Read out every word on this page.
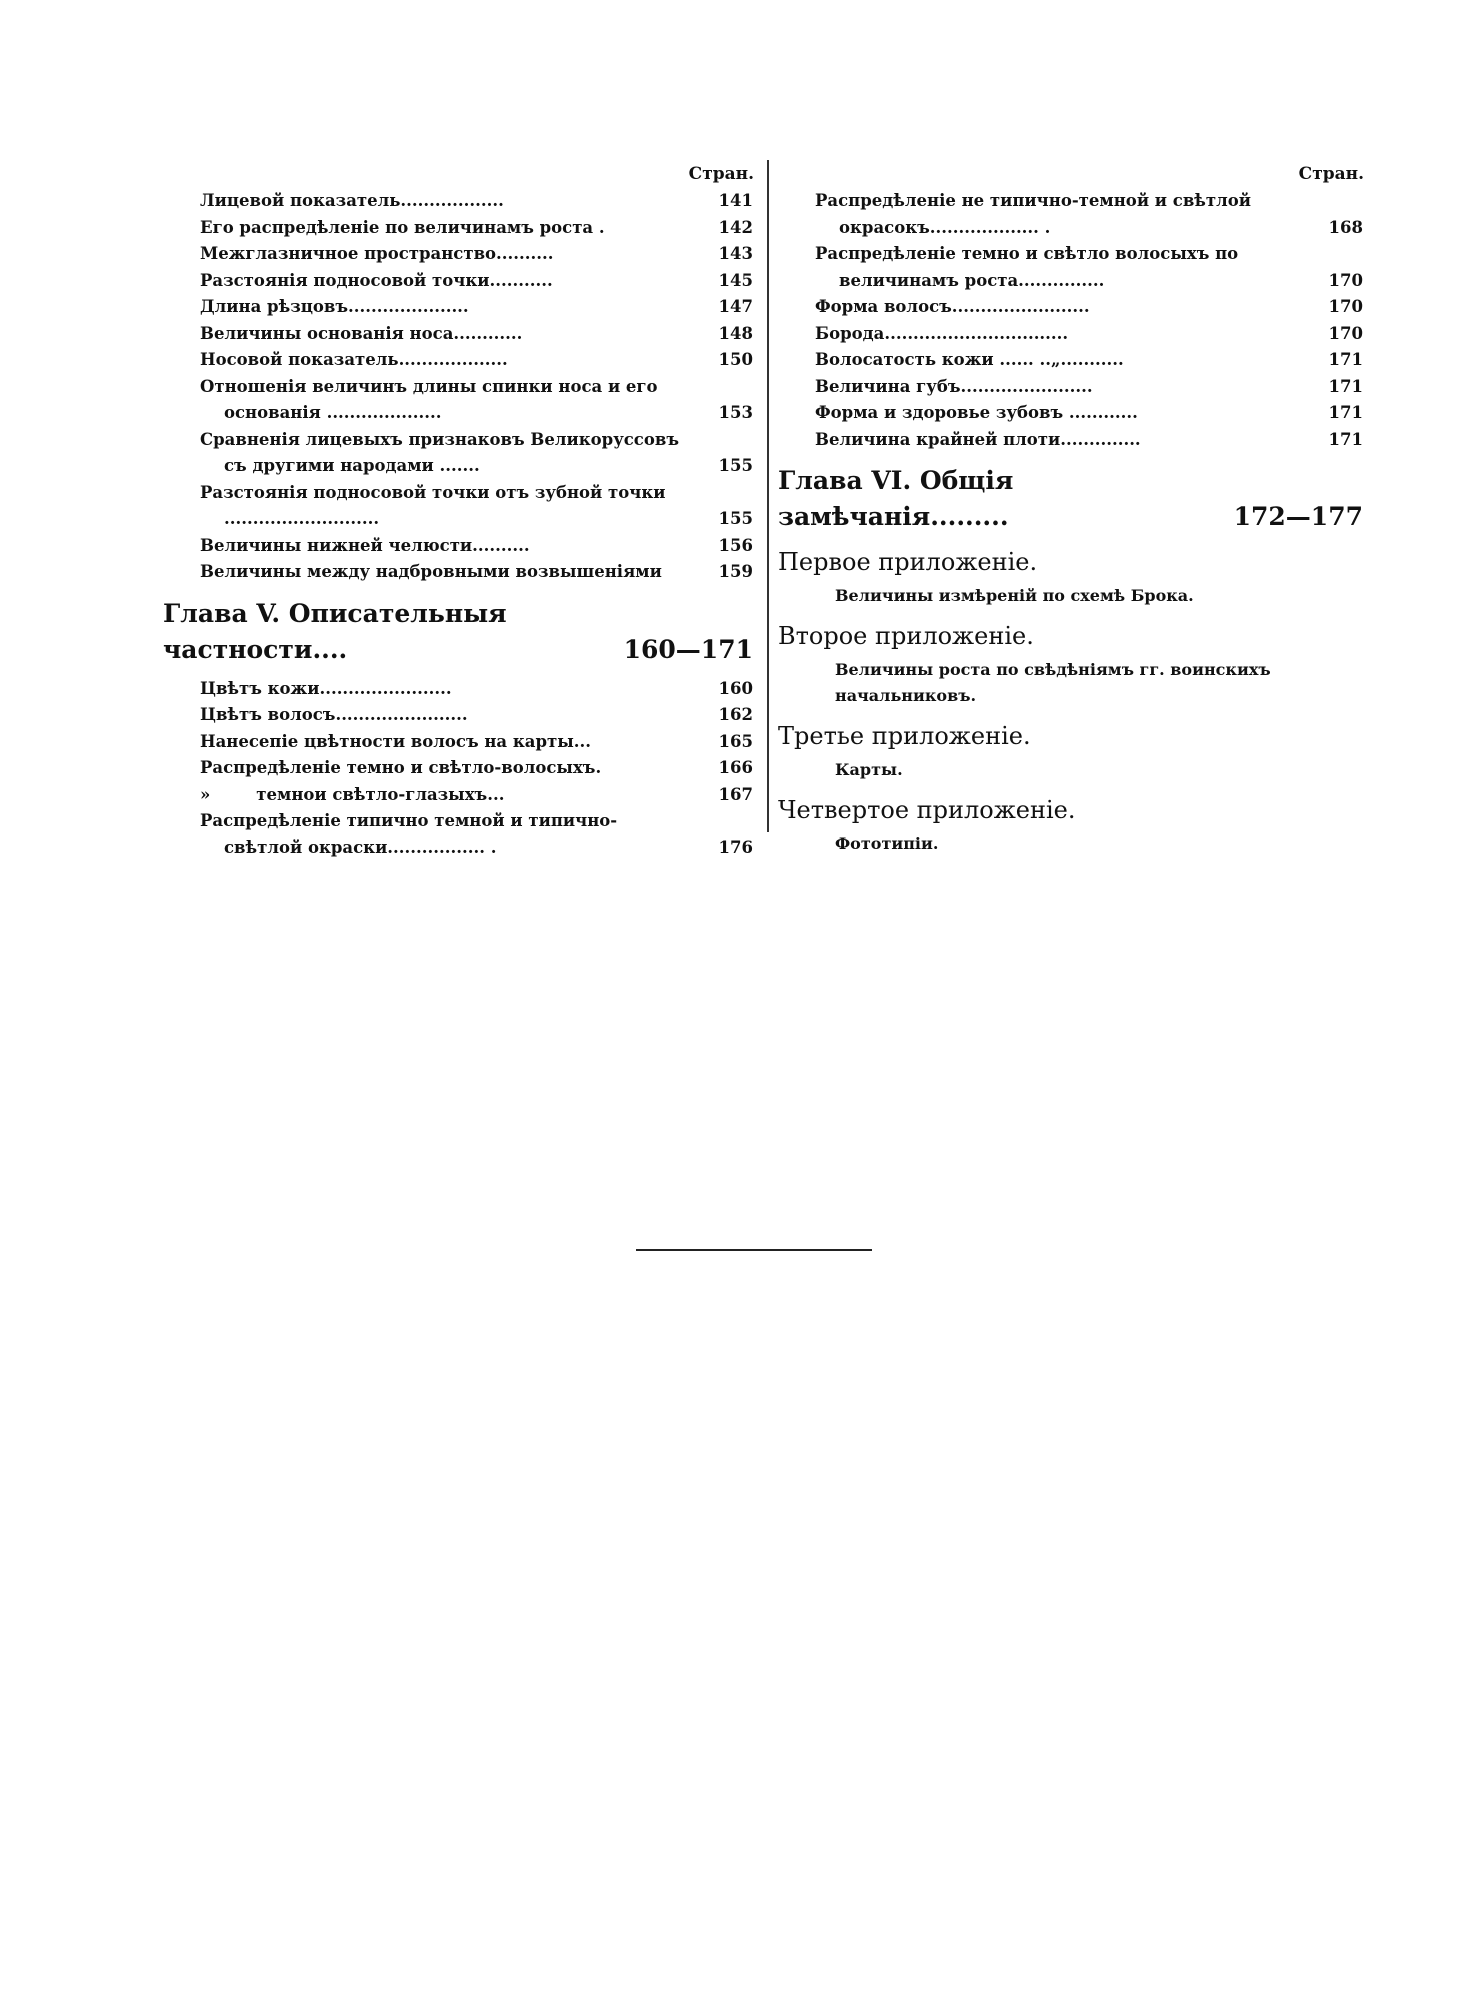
Стран.
Лицевой показатель..................	141
Его распредѣленіе по величинамъ роста .	142
Межглазничное пространство..........	143
Разстоянія подносовой точки...........	145
Длина рѣзцовъ.....................	147
Величины основанія носа............	148
Носовой показатель...................	150
Отношенія величинъ длины спинки носа и его основанія ....................	153
Сравненія лицевыхъ признаковъ Великоруссовъ съ другими народами .......	155
Разстоянія подносовой точки отъ зубной точки ...........................	155
Величины нижней челюсти..........	156
Величины между надбровными возвышеніями	159
Глава V. Описательныя частности....	160—171
Цвѣтъ кожи.......................	160
Цвѣтъ волосъ.......................	162
Нанесепіе цвѣтности волосъ на карты...	165
Распредѣленіе темно и свѣтло-волосыхъ.	166
»        темнои свѣтло-глазыхъ...	167
Распредѣленіе типично темной и типично-свѣтлой окраски................. .	176
Стран.
Распредѣленіе не типично-темной и свѣтлой окрасокъ................... .	168
Распредѣленіе темно и свѣтло волосыхъ по величинамъ роста...............	170
Форма волосъ........................	170
Борода................................	170
Волосатость кожи ...... ..„...........	171
Величина губъ.......................	171
Форма и здоровье зубовъ ............	171
Величина крайней плоти..............	171
Глава VI. Общія замѣчанія.........	172—177
Первое приложеніе.
Величины измѣреній по схемѣ Брока.
Второе приложеніе.
Величины роста по свѣдѣніямъ гг. воинскихъ начальниковъ.
Третье приложеніе.
Карты.
Четвертое приложеніе.
Фототипіи.
